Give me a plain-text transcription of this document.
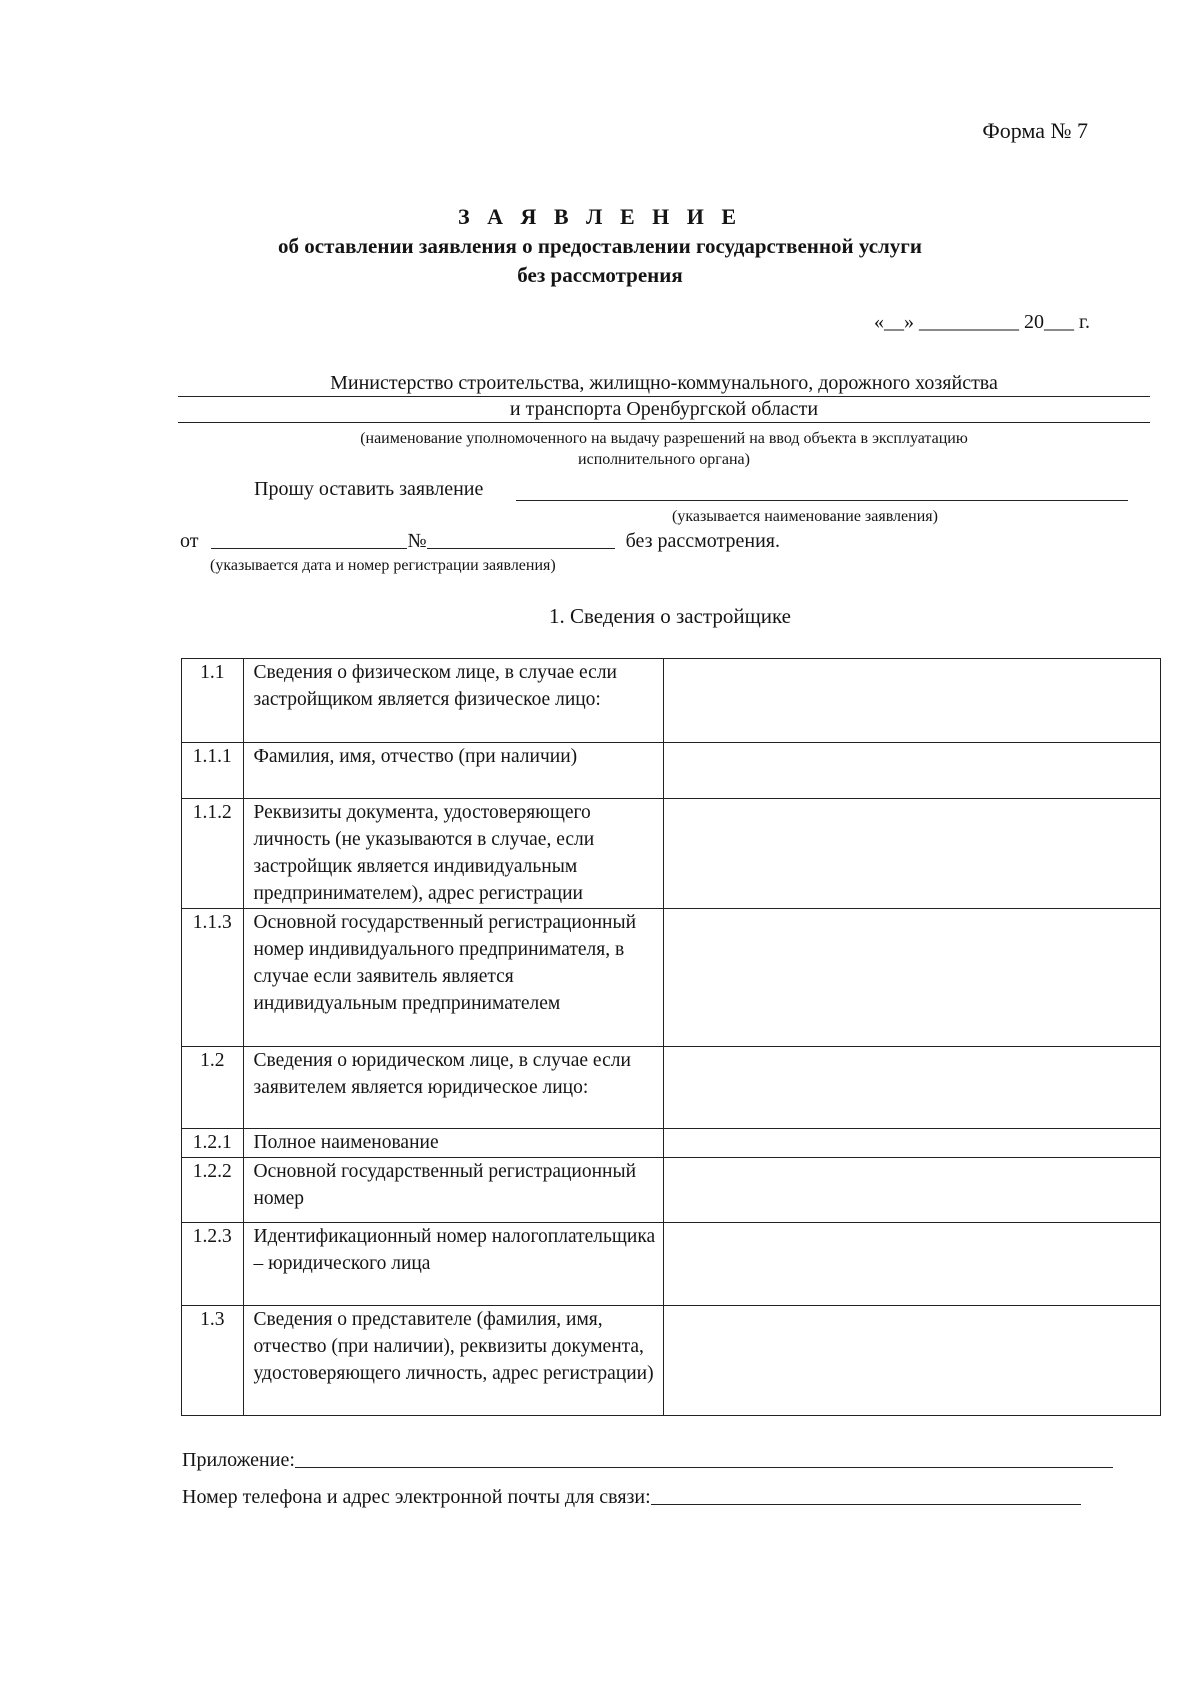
Форма № 7
З А Я В Л Е Н И Е
об оставлении заявления о предоставлении государственной услуги
без рассмотрения
«__» __________ 20___ г.
Министерство строительства, жилищно-коммунального, дорожного хозяйства
и транспорта Оренбургской области
(наименование уполномоченного на выдачу разрешений на ввод объекта в эксплуатацию
исполнительного органа)
Прошу оставить заявление
(указывается наименование заявления)
от	№	без рассмотрения.
(указывается дата и номер регистрации заявления)
1. Сведения о застройщике
1.1	Сведения о физическом лице, в случае если застройщиком является физическое лицо:	
1.1.1	Фамилия, имя, отчество (при наличии)	
1.1.2	Реквизиты документа, удостоверяющего личность (не указываются в случае, если застройщик является индивидуальным предпринимателем), адрес регистрации	
1.1.3	Основной государственный регистрационный номер индивидуального предпринимателя, в случае если заявитель является индивидуальным предпринимателем	
1.2	Сведения о юридическом лице, в случае если заявителем является юридическое лицо:	
1.2.1	Полное наименование	
1.2.2	Основной государственный регистрационный номер	
1.2.3	Идентификационный номер налогоплательщика – юридического лица	
1.3	Сведения о представителе (фамилия, имя, отчество (при наличии), реквизиты документа, удостоверяющего личность, адрес регистрации)	
Приложение:
Номер телефона и адрес электронной почты для связи:
